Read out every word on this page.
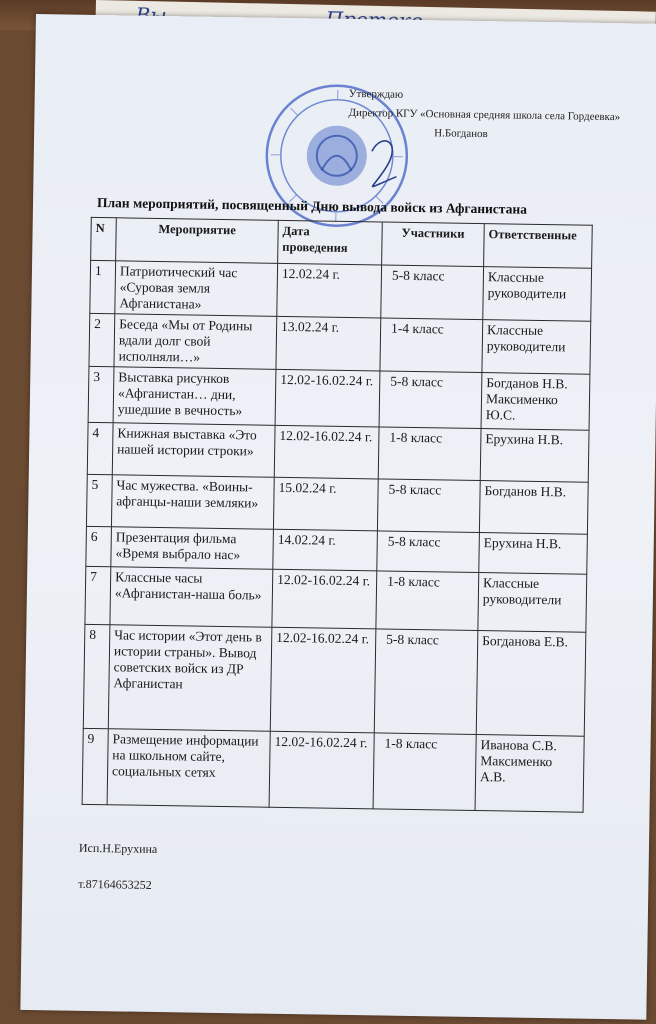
Утверждаю
Директор КГУ «Основная средняя школа села Гордеевка»
Н.Богданов
План мероприятий, посвященный Дню вывода войск из Афганистана
N	Мероприятие	Дата проведения	Участники	Ответственные
1	Патриотический час «Суровая земля Афганистана»	12.02.24 г.	5-8 класс	Классные руководители
2	Беседа «Мы от Родины вдали долг свой исполняли…»	13.02.24 г.	1-4 класс	Классные руководители
3	Выставка рисунков «Афганистан… дни, ушедшие в вечность»	12.02-16.02.24 г.	5-8 класс	Богданов Н.В. Максименко Ю.С.
4	Книжная выставка «Это нашей истории строки»	12.02-16.02.24 г.	1-8 класс	Ерухина Н.В.
5	Час мужества. «Воины-афганцы-наши земляки»	15.02.24 г.	5-8 класс	Богданов Н.В.
6	Презентация фильма «Время выбрало нас»	14.02.24 г.	5-8 класс	Ерухина Н.В.
7	Классные часы «Афганистан-наша боль»	12.02-16.02.24 г.	1-8 класс	Классные руководители
8	Час истории «Этот день в истории страны». Вывод советских войск из ДР Афганистан	12.02-16.02.24 г.	5-8 класс	Богданова Е.В.
9	Размещение информации на школьном сайте, социальных сетях	12.02-16.02.24 г.	1-8 класс	Иванова С.В. Максименко А.В.
Исп.Н.Ерухина
т.87164653252
